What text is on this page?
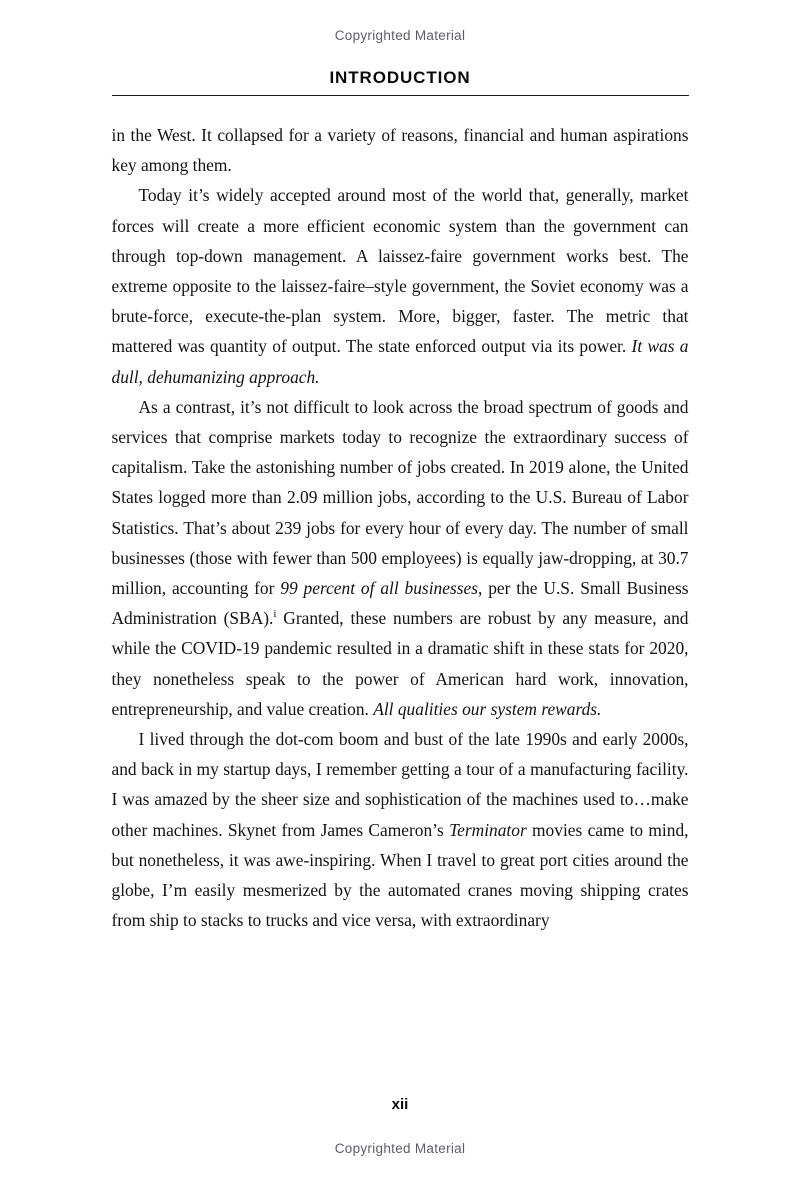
Copyrighted Material
INTRODUCTION

in the West. It collapsed for a variety of reasons, financial and human aspirations key among them.

Today it’s widely accepted around most of the world that, generally, market forces will create a more efficient economic system than the government can through top-down management. A laissez-faire government works best. The extreme opposite to the laissez-faire–style government, the Soviet economy was a brute-force, execute-the-plan system. More, bigger, faster. The metric that mattered was quantity of output. The state enforced output via its power. It was a dull, dehumanizing approach.

As a contrast, it’s not difficult to look across the broad spectrum of goods and services that comprise markets today to recognize the extraordinary success of capitalism. Take the astonishing number of jobs created. In 2019 alone, the United States logged more than 2.09 million jobs, according to the U.S. Bureau of Labor Statistics. That’s about 239 jobs for every hour of every day. The number of small businesses (those with fewer than 500 employees) is equally jaw-dropping, at 30.7 million, accounting for 99 percent of all businesses, per the U.S. Small Business Administration (SBA).$^i$ Granted, these numbers are robust by any measure, and while the COVID-19 pandemic resulted in a dramatic shift in these stats for 2020, they nonetheless speak to the power of American hard work, innovation, entrepreneurship, and value creation. All qualities our system rewards.

I lived through the dot-com boom and bust of the late 1990s and early 2000s, and back in my startup days, I remember getting a tour of a manufacturing facility. I was amazed by the sheer size and sophistication of the machines used to…make other machines. Skynet from James Cameron’s Terminator movies came to mind, but nonetheless, it was awe-inspiring. When I travel to great port cities around the globe, I’m easily mesmerized by the automated cranes moving shipping crates from ship to stacks to trucks and vice versa, with extraordinary

xii
Copyrighted Material
